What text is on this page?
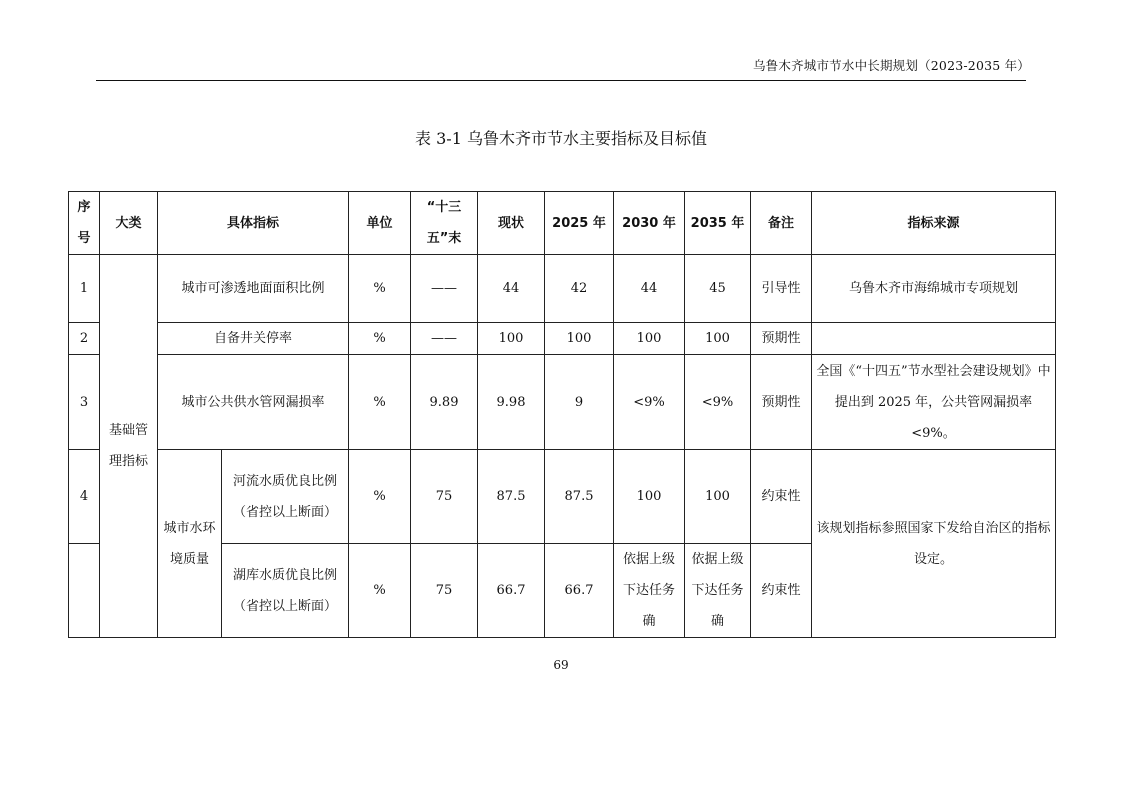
乌鲁木齐城市节水中长期规划（2023-2035 年）
表 3-1 乌鲁木齐市节水主要指标及目标值
序号	大类	具体指标		单位	“十三五”末	现状	2025 年	2030 年	2035 年	备注	指标来源
1	基础管理指标	城市可渗透地面面积比例		%	——	44	42	44	45	引导性	乌鲁木齐市海绵城市专项规划
2		自备井关停率		%	——	100	100	100	100	预期性	
3		城市公共供水管网漏损率		%	9.89	9.98	9	<9%	<9%	预期性	全国《“十四五”节水型社会建设规划》中提出到 2025 年，公共管网漏损率<9%。
4		城市水环境质量	河流水质优良比例（省控以上断面）	%	75	87.5	87.5	100	100	约束性	该规划指标参照国家下发给自治区的指标设定。
			湖库水质优良比例（省控以上断面）	%	75	66.7	66.7	依据上级下达任务确	依据上级下达任务确	约束性	
69
